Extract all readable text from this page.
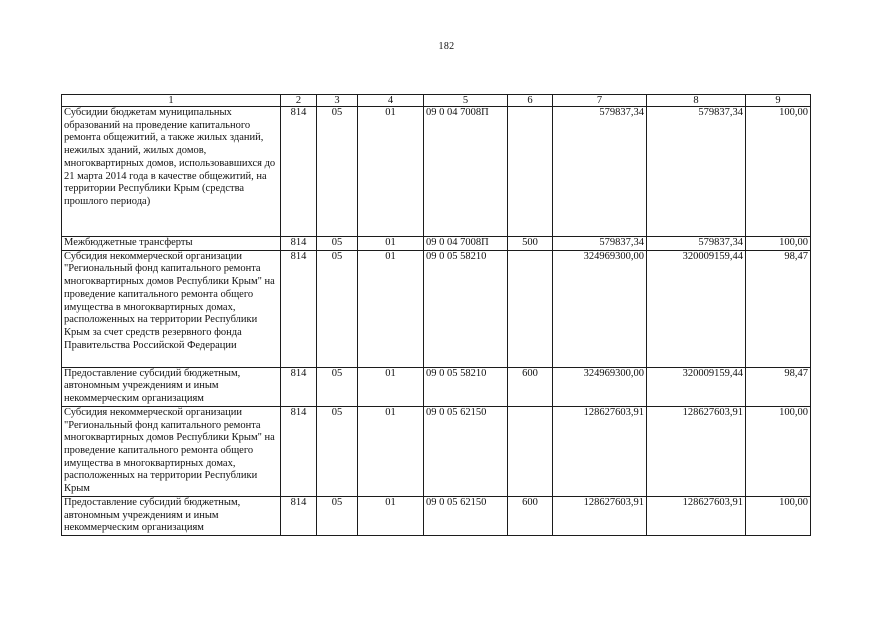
182
1	2	3	4	5	6	7	8	9
Субсидии бюджетам муниципальных образований на проведение капитального ремонта общежитий, а также жилых зданий, нежилых зданий, жилых домов, многоквартирных домов, использовавшихся до 21 марта 2014 года в качестве общежитий, на территории Республики Крым (средства прошлого периода)	814	05	01	09 0 04 7008П		579837,34	579837,34	100,00
Межбюджетные трансферты	814	05	01	09 0 04 7008П	500	579837,34	579837,34	100,00
Субсидия некоммерческой организации "Региональный фонд капитального ремонта многоквартирных домов Республики Крым" на проведение капитального ремонта общего имущества в многоквартирных домах, расположенных на территории Республики Крым за счет средств резервного фонда Правительства Российской Федерации	814	05	01	09 0 05 58210		324969300,00	320009159,44	98,47
Предоставление субсидий бюджетным, автономным учреждениям и иным некоммерческим организациям	814	05	01	09 0 05 58210	600	324969300,00	320009159,44	98,47
Субсидия некоммерческой организации "Региональный фонд капитального ремонта многоквартирных домов Республики Крым" на проведение капитального ремонта общего имущества в многоквартирных домах, расположенных на территории Республики Крым	814	05	01	09 0 05 62150		128627603,91	128627603,91	100,00
Предоставление субсидий бюджетным, автономным учреждениям и иным некоммерческим организациям	814	05	01	09 0 05 62150	600	128627603,91	128627603,91	100,00
